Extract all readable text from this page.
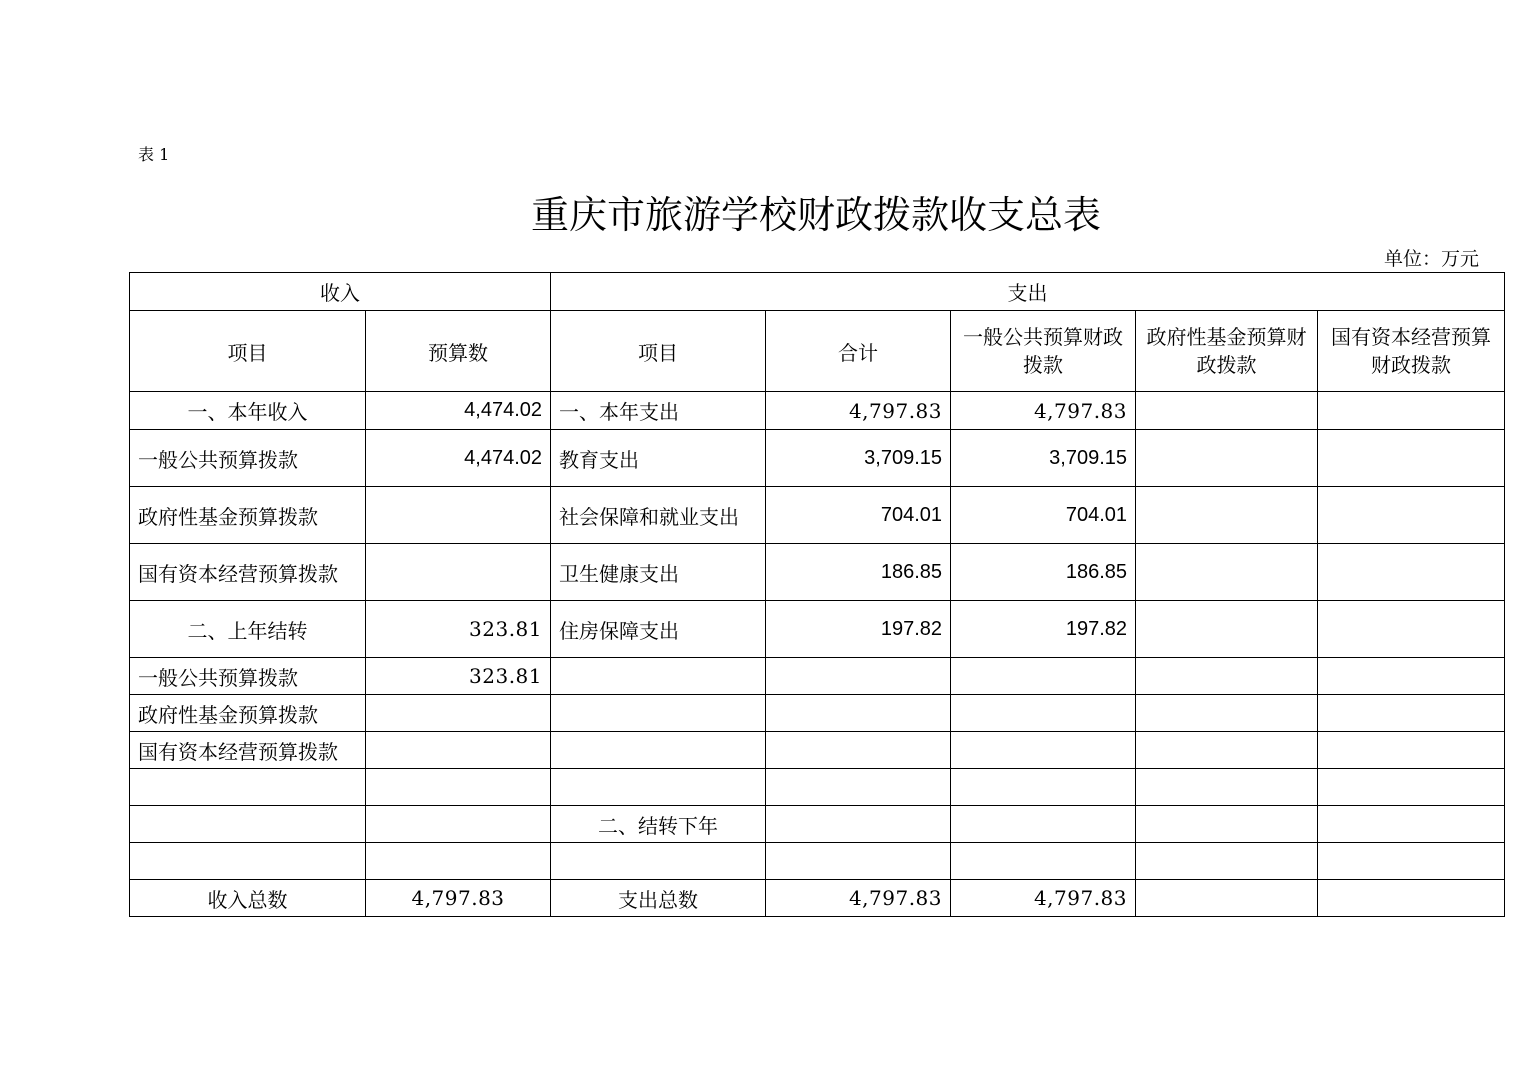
表 1
重庆市旅游学校财政拨款收支总表
单位：万元
收入		支出				
项目	预算数	项目	合计	一般公共预算财政拨款	政府性基金预算财政拨款	国有资本经营预算财政拨款
一、本年收入	4,474.02	一、本年支出	4,797.83	4,797.83		
一般公共预算拨款	4,474.02	教育支出	3,709.15	3,709.15		
政府性基金预算拨款		社会保障和就业支出	704.01	704.01		
国有资本经营预算拨款		卫生健康支出	186.85	186.85		
二、上年结转	323.81	住房保障支出	197.82	197.82		
一般公共预算拨款	323.81					
政府性基金预算拨款						
国有资本经营预算拨款						

		二、结转下年				

收入总数	4,797.83	支出总数	4,797.83	4,797.83		
